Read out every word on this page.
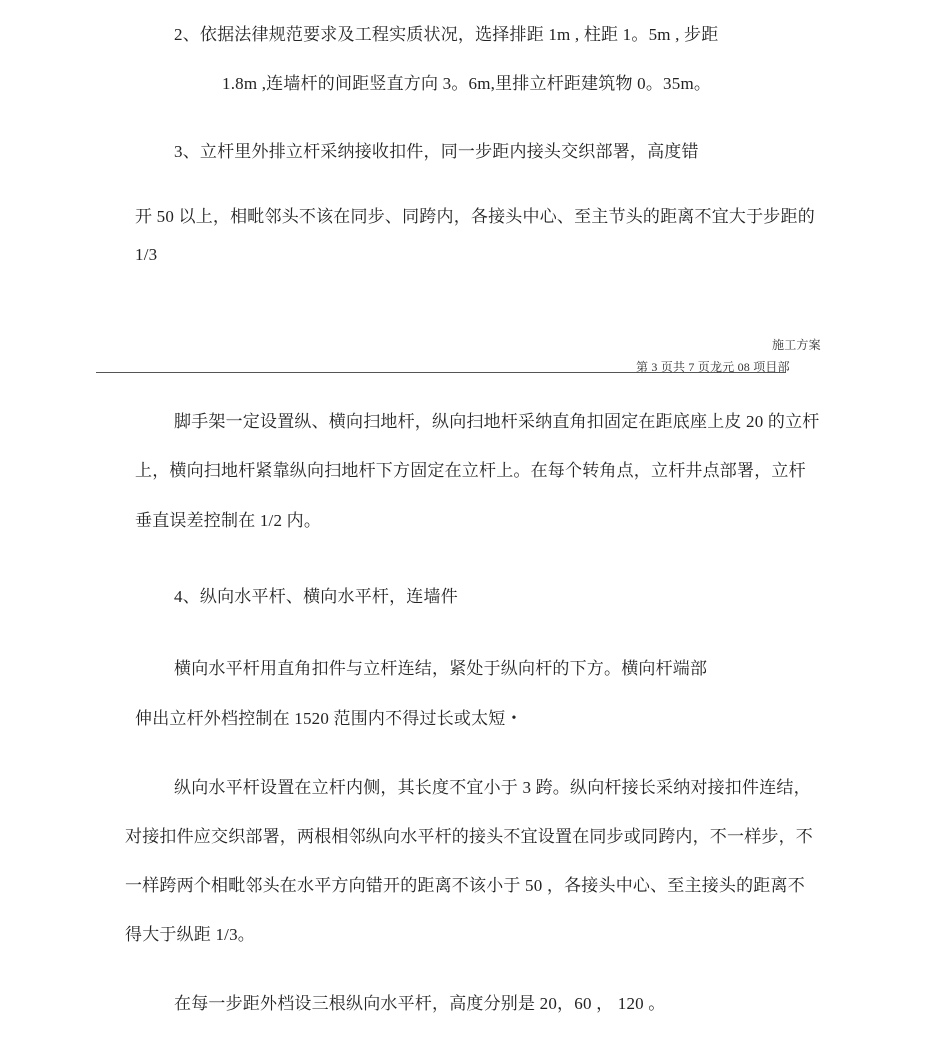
2、依据法律规范要求及工程实质状况，选择排距 1m , 柱距 1。5m , 步距
1.8m ,连墙杆的间距竖直方向 3。6m,里排立杆距建筑物 0。35m。
3、立杆里外排立杆采纳接收扣件，同一步距内接头交织部署，高度错
开 50 以上，相毗邻头不该在同步、同跨内，各接头中心、至主节头的距离不宜大于步距的
1/3
施工方案
第 3 页共 7 页龙元 08 项目部
脚手架一定设置纵、横向扫地杆，纵向扫地杆采纳直角扣固定在距底座上皮 20 的立杆
上，横向扫地杆紧靠纵向扫地杆下方固定在立杆上。在每个转角点，立杆井点部署，立杆
垂直误差控制在 1/2 内。
4、纵向水平杆、横向水平杆，连墙件
横向水平杆用直角扣件与立杆连结，紧处于纵向杆的下方。横向杆端部
伸出立杆外档控制在 1520 范围内不得过长或太短 •
纵向水平杆设置在立杆内侧，其长度不宜小于 3 跨。纵向杆接长采纳对接扣件连结，
对接扣件应交织部署，两根相邻纵向水平杆的接头不宜设置在同步或同跨内，不一样步，不
一样跨两个相毗邻头在水平方向错开的距离不该小于 50 ，各接头中心、至主接头的距离不
得大于纵距 1/3。
在每一步距外档设三根纵向水平杆，高度分别是 20，60 ， 120 。
